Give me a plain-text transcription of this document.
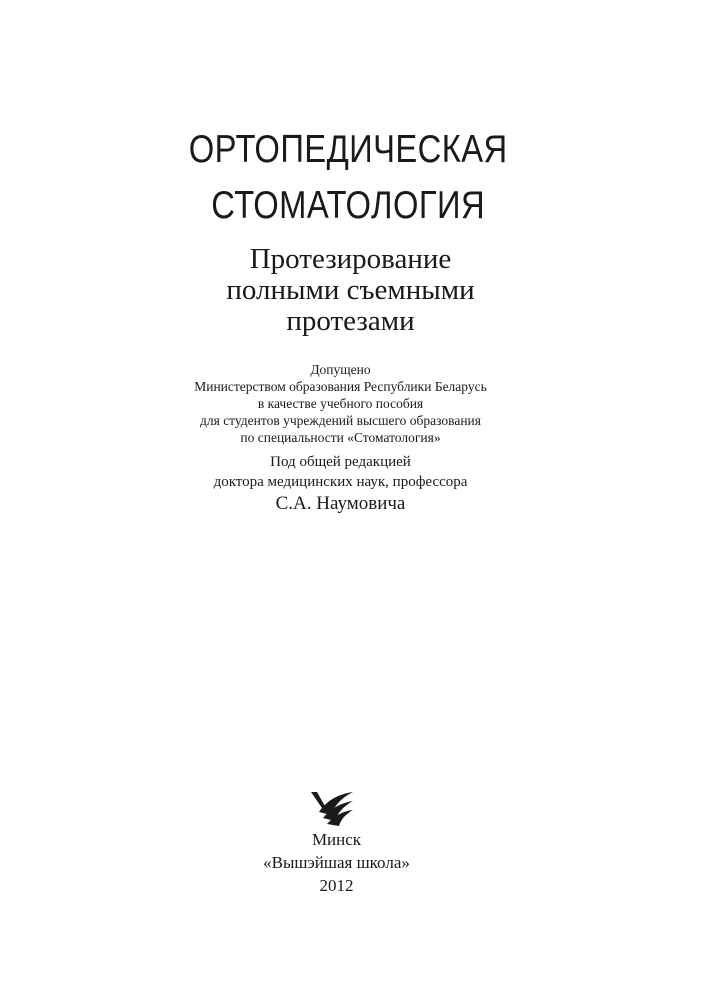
ОРТОПЕДИЧЕСКАЯ
СТОМАТОЛОГИЯ
Протезирование
полными съемными
протезами
Допущено
Министерством образования Республики Беларусь
в качестве учебного пособия
для студентов учреждений высшего образования
по специальности «Стоматология»
Под общей редакцией
доктора медицинских наук, профессора
С.А. Наумовича
Минск
«Вышэйшая школа»
2012
